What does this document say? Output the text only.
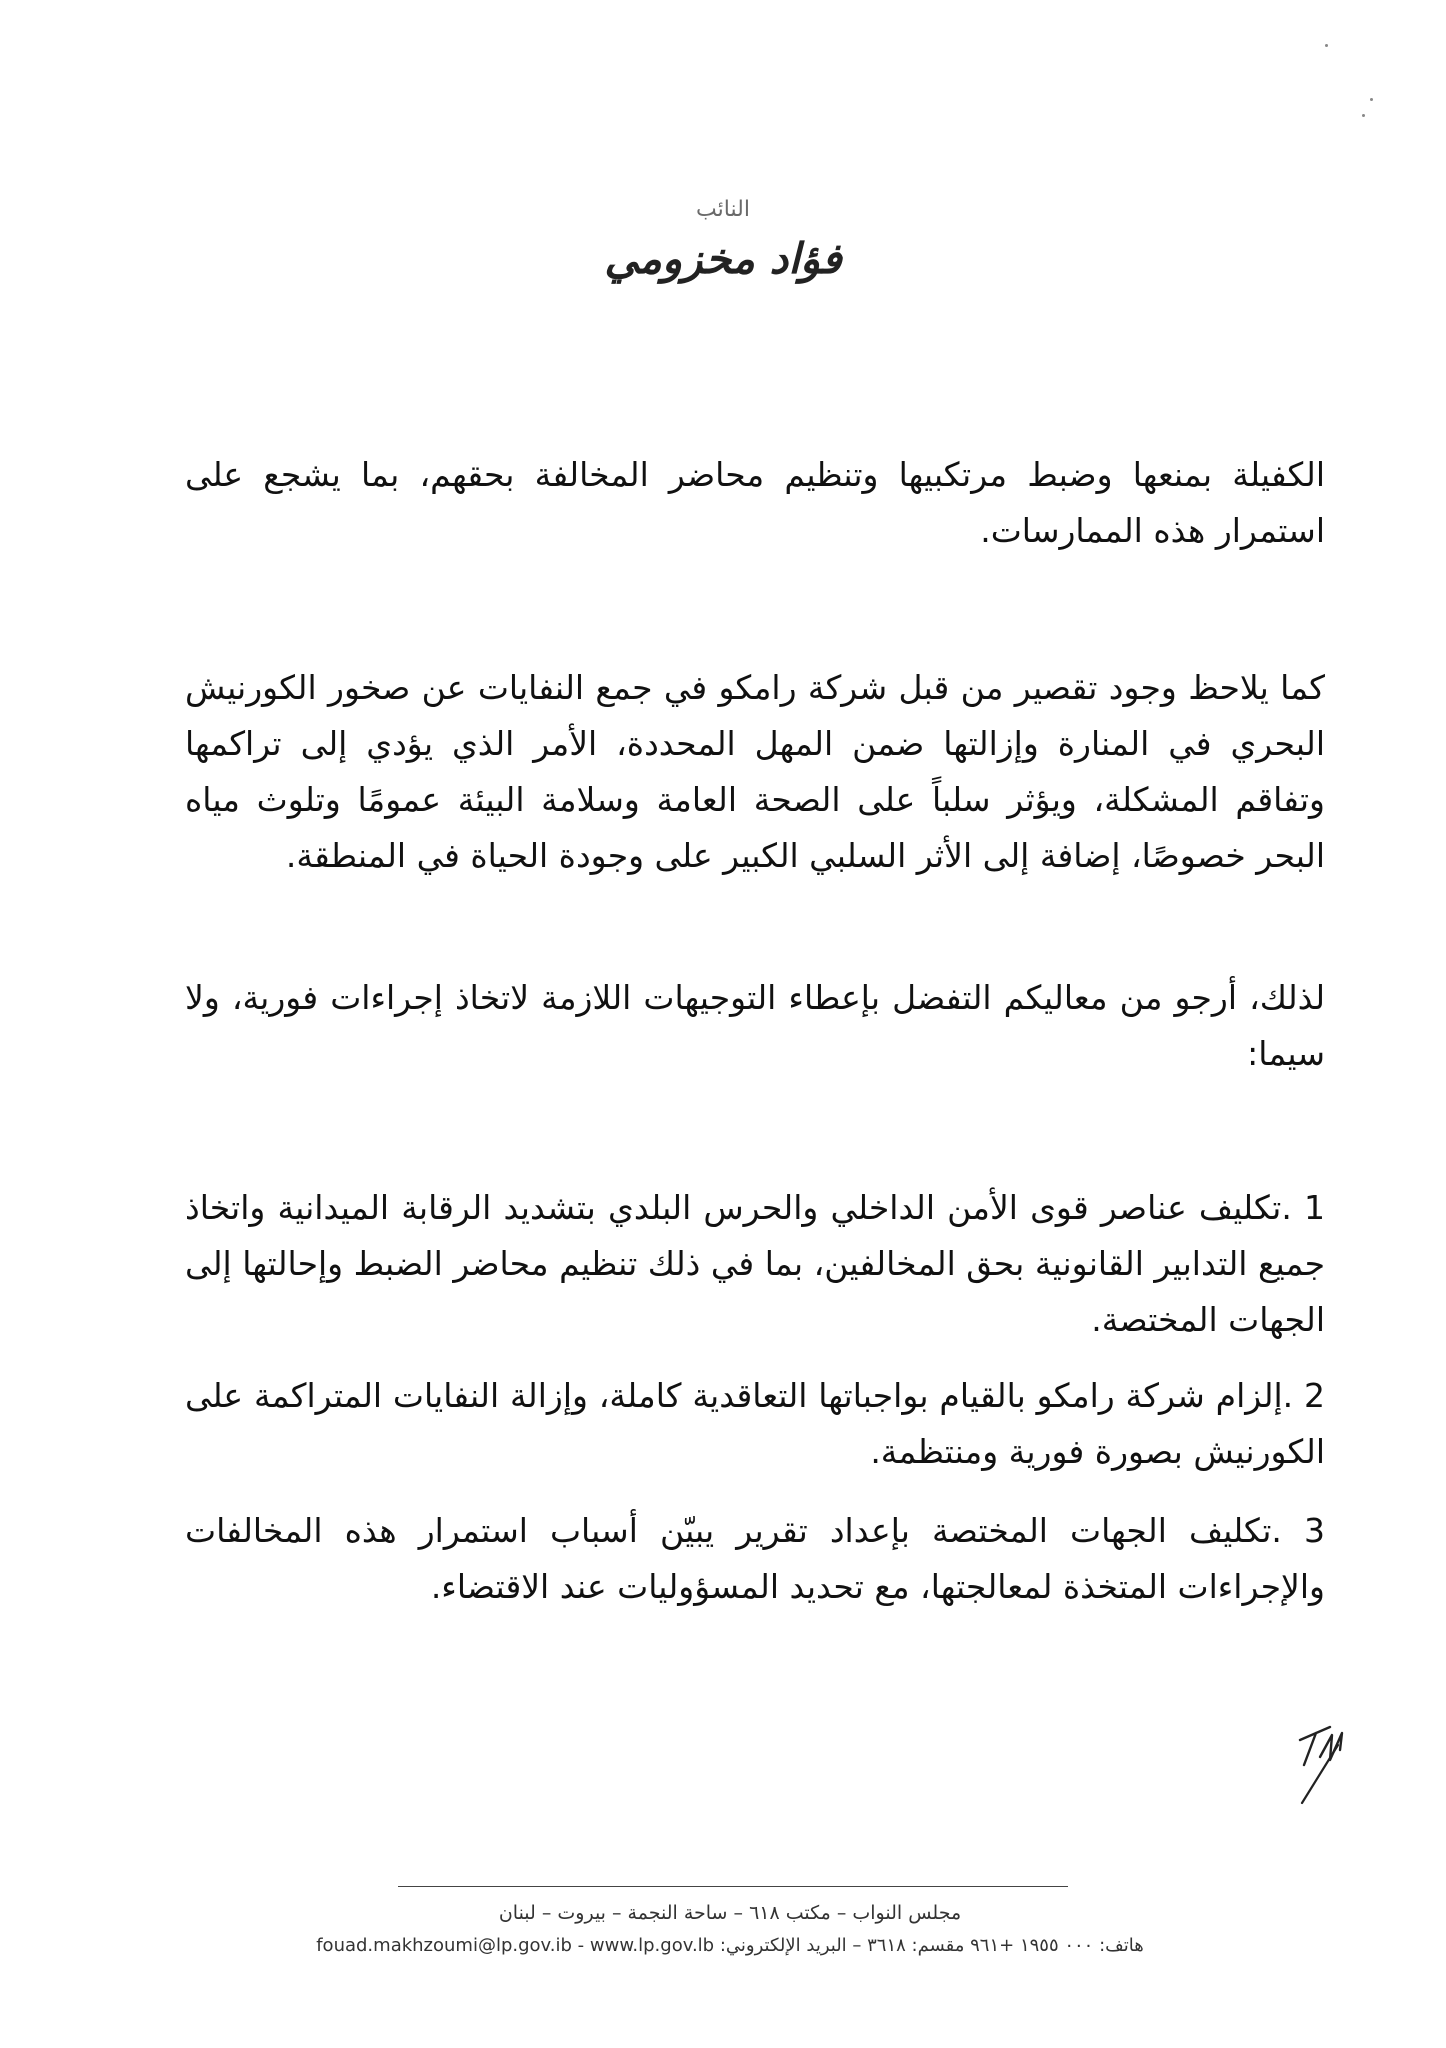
النائب
فؤاد مخزومي

الكفيلة بمنعها وضبط مرتكبيها وتنظيم محاضر المخالفة بحقهم، بما يشجع على استمرار هذه الممارسات.

كما يلاحظ وجود تقصير من قبل شركة رامكو في جمع النفايات عن صخور الكورنيش البحري في المنارة وإزالتها ضمن المهل المحددة، الأمر الذي يؤدي إلى تراكمها وتفاقم المشكلة، ويؤثر سلباً على الصحة العامة وسلامة البيئة عمومًا وتلوث مياه البحر خصوصًا، إضافة إلى الأثر السلبي الكبير على وجودة الحياة في المنطقة.

لذلك، أرجو من معاليكم التفضل بإعطاء التوجيهات اللازمة لاتخاذ إجراءات فورية، ولا سيما:

1 .تكليف عناصر قوى الأمن الداخلي والحرس البلدي بتشديد الرقابة الميدانية واتخاذ جميع التدابير القانونية بحق المخالفين، بما في ذلك تنظيم محاضر الضبط وإحالتها إلى الجهات المختصة.

2 .إلزام شركة رامكو بالقيام بواجباتها التعاقدية كاملة، وإزالة النفايات المتراكمة على الكورنيش بصورة فورية ومنتظمة.

3 .تكليف الجهات المختصة بإعداد تقرير يبيّن أسباب استمرار هذه المخالفات والإجراءات المتخذة لمعالجتها، مع تحديد المسؤوليات عند الاقتضاء.

مجلس النواب – مكتب ٦١٨ – ساحة النجمة – بيروت – لبنان
هاتف: ٠٠٠ ١٩٥٥ +٩٦١ مقسم: ٣٦١٨ – البريد الإلكتروني: fouad.makhzoumi@lp.gov.ib - www.lp.gov.lb
